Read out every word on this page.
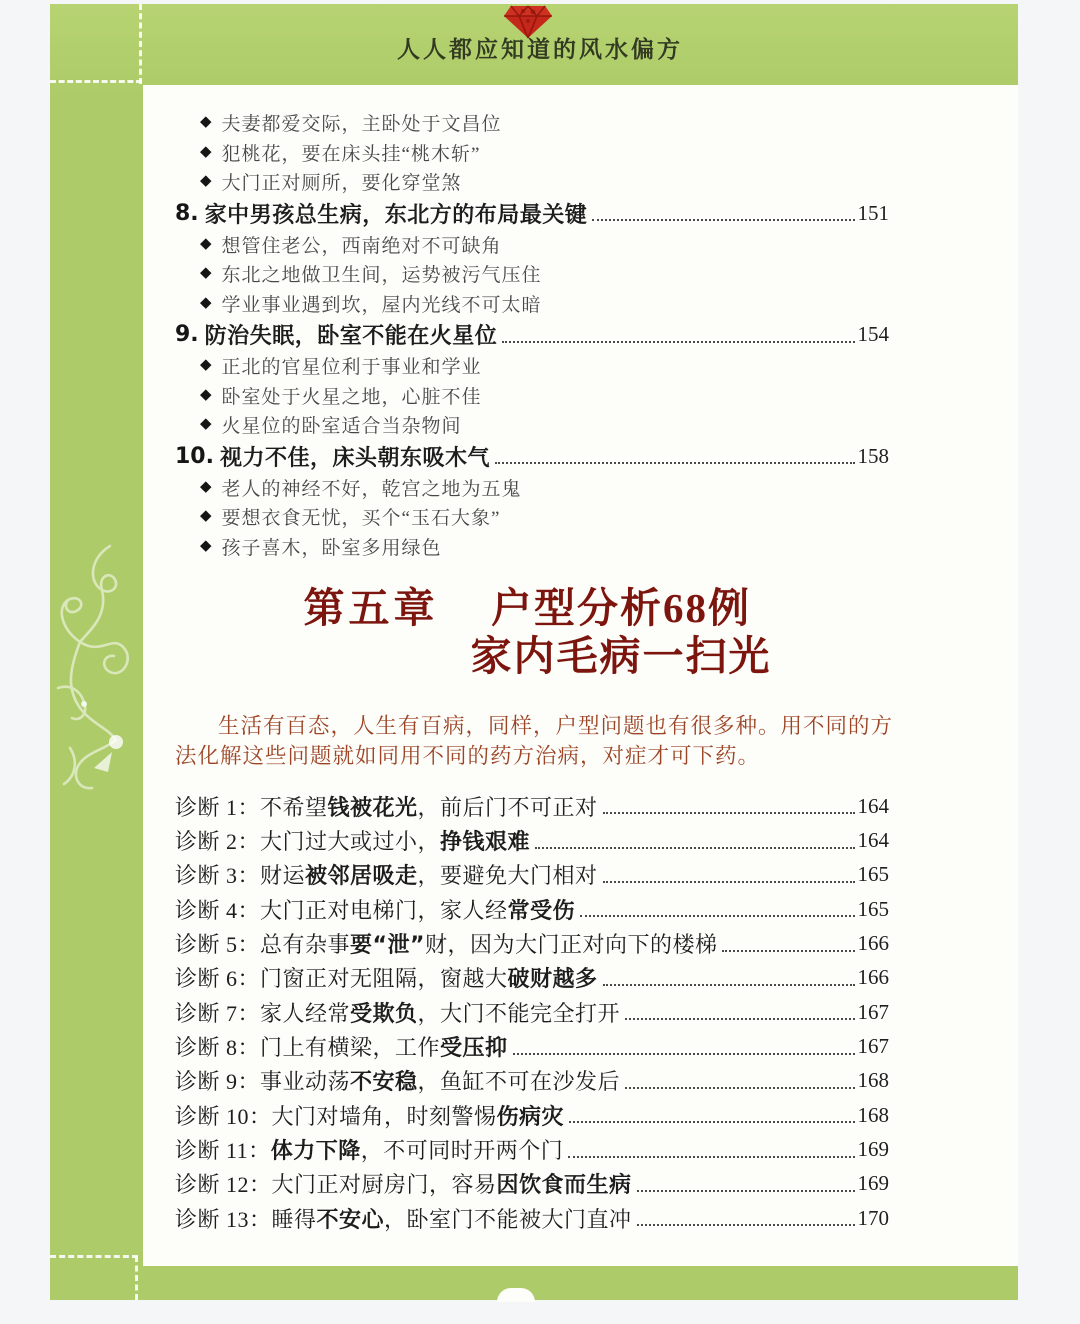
人人都应知道的风水偏方
◆ 夫妻都爱交际，主卧处于文昌位
◆ 犯桃花，要在床头挂“桃木斩”
◆ 大门正对厕所，要化穿堂煞
8. 家中 男孩总生病 ，东北方的布局最关键	151
◆ 想管住老公，西南绝对不可缺角
◆ 东北之地做卫生间，运势被污气压住
◆ 学业事业遇到坎，屋内光线不可太暗
9. 防治失眠 ，卧室不能在火星位	154
◆ 正北的官星位利于事业和学业
◆ 卧室处于火星之地，心脏不佳
◆ 火星位的卧室适合当杂物间
10. 视力不佳 ，床头朝东吸木气	158
◆ 老人的神经不好，乾宫之地为五鬼
◆ 要想衣食无忧，买个“玉石大象”
◆ 孩子喜木，卧室多用绿色
第五章	户型分析68例
家内毛病一扫光
生活有百态，人生有百病，同样，户型问题也有很多种。用不同的方法化解这些问题就如同用不同的药方治病，对症才可下药。
诊断 1： 不希望 钱被花光 ，前后门不可正对	164
诊断 2： 大门过大或过小， 挣钱艰难	164
诊断 3： 财运 被邻居吸走 ，要避免大门相对	165
诊断 4： 大门正对电梯门，家人经 常受伤	165
诊断 5： 总有杂事 要“泄” 财，因为大门正对向下的楼梯	166
诊断 6： 门窗正对无阻隔，窗越大 破财越多	166
诊断 7： 家人经常 受欺负 ，大门不能完全打开	167
诊断 8： 门上有横梁，工作 受压抑	167
诊断 9： 事业动荡 不安稳 ，鱼缸不可在沙发后	168
诊断 10： 大门对墙角，时刻警惕 伤病灾	168
诊断 11： 体力下降 ，不可同时开两个门	169
诊断 12： 大门正对厨房门，容易 因饮食而生病	169
诊断 13： 睡得 不安心 ，卧室门不能被大门直冲	170
